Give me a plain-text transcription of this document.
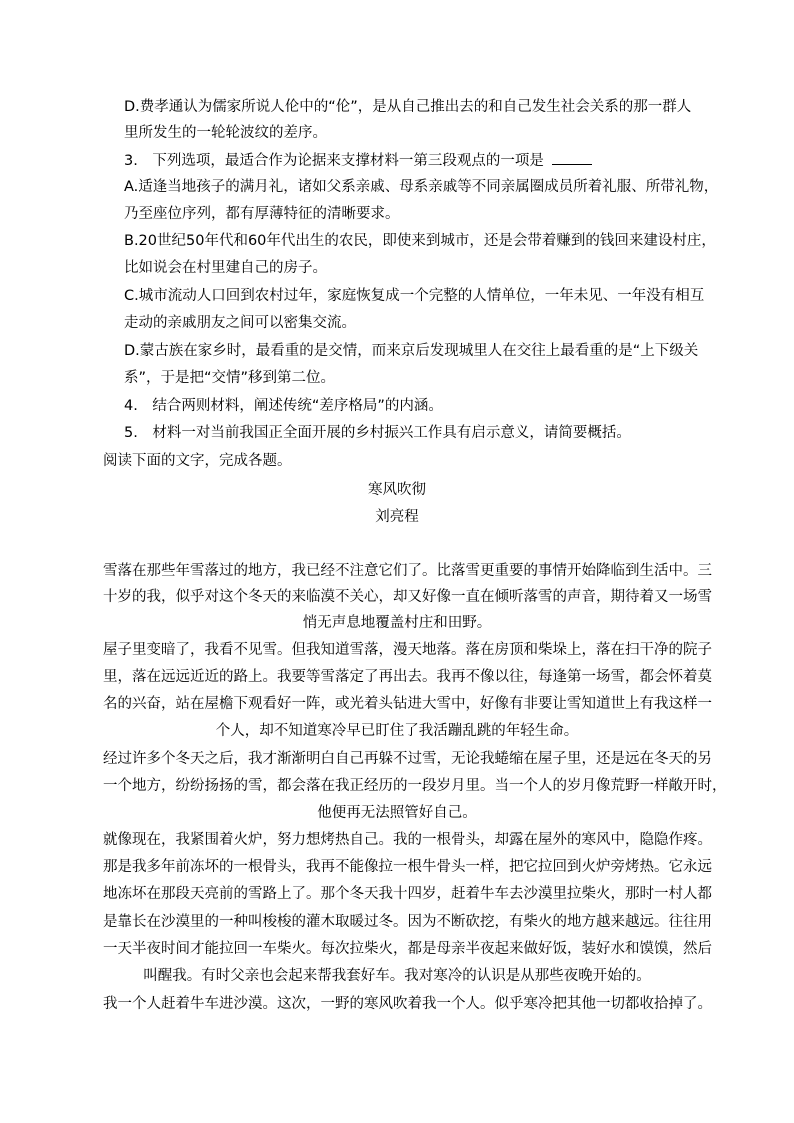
D.费孝通认为儒家所说人伦中的“伦”，是从自己推出去的和自己发生社会关系的那一群人
里所发生的一轮轮波纹的差序。
3.　下列选项，最适合作为论据来支撑材料一第三段观点的一项是
A.适逢当地孩子的满月礼，诸如父系亲戚、母系亲戚等不同亲属圈成员所着礼服、所带礼物，
乃至座位序列，都有厚薄特征的清晰要求。
B.20世纪50年代和60年代出生的农民，即使来到城市，还是会带着赚到的钱回来建设村庄，
比如说会在村里建自己的房子。
C.城市流动人口回到农村过年，家庭恢复成一个完整的人情单位，一年未见、一年没有相互
走动的亲戚朋友之间可以密集交流。
D.蒙古族在家乡时，最看重的是交情，而来京后发现城里人在交往上最看重的是“上下级关
系”，于是把“交情”移到第二位。
4.　结合两则材料，阐述传统“差序格局”的内涵。
5.　材料一对当前我国正全面开展的乡村振兴工作具有启示意义，请简要概括。
阅读下面的文字，完成各题。
寒风吹彻
刘亮程
雪落在那些年雪落过的地方，我已经不注意它们了。比落雪更重要的事情开始降临到生活中。三
十岁的我，似乎对这个冬天的来临漠不关心，却又好像一直在倾听落雪的声音，期待着又一场雪
悄无声息地覆盖村庄和田野。
屋子里变暗了，我看不见雪。但我知道雪落，漫天地落。落在房顶和柴垛上，落在扫干净的院子
里，落在远远近近的路上。我要等雪落定了再出去。我再不像以往，每逢第一场雪，都会怀着莫
名的兴奋，站在屋檐下观看好一阵，或光着头钻进大雪中，好像有非要让雪知道世上有我这样一
个人，却不知道寒冷早已盯住了我活蹦乱跳的年轻生命。
经过许多个冬天之后，我才渐渐明白自己再躲不过雪，无论我蜷缩在屋子里，还是远在冬天的另
一个地方，纷纷扬扬的雪，都会落在我正经历的一段岁月里。当一个人的岁月像荒野一样敞开时，
他便再无法照管好自己。
就像现在，我紧围着火炉，努力想烤热自己。我的一根骨头，却露在屋外的寒风中，隐隐作疼。
那是我多年前冻坏的一根骨头，我再不能像拉一根牛骨头一样，把它拉回到火炉旁烤热。它永远
地冻坏在那段天亮前的雪路上了。那个冬天我十四岁，赶着牛车去沙漠里拉柴火，那时一村人都
是靠长在沙漠里的一种叫梭梭的灌木取暖过冬。因为不断砍挖，有柴火的地方越来越远。往往用
一天半夜时间才能拉回一车柴火。每次拉柴火，都是母亲半夜起来做好饭，装好水和馍馍，然后
叫醒我。有时父亲也会起来帮我套好车。我对寒冷的认识是从那些夜晚开始的。
我一个人赶着牛车进沙漠。这次，一野的寒风吹着我一个人。似乎寒冷把其他一切都收拾掉了。
